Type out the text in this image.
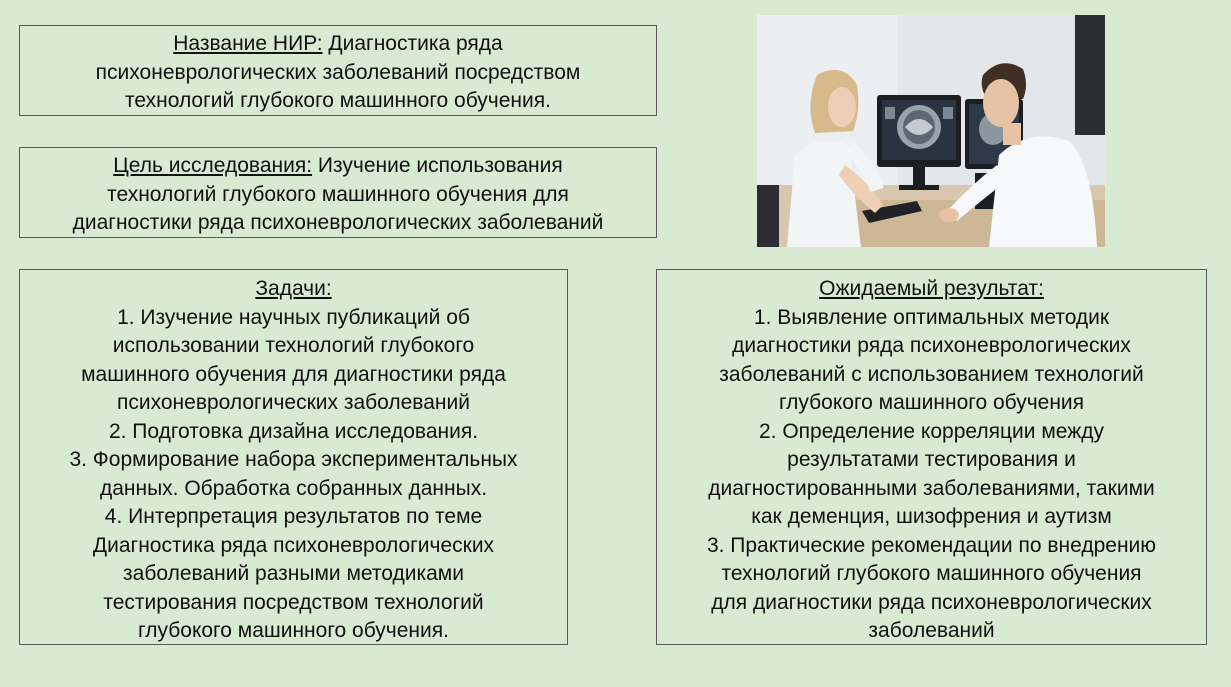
Название НИР: Диагностика ряда
психоневрологических заболеваний посредством
технологий глубокого машинного обучения.
Цель исследования: Изучение использования
технологий глубокого машинного обучения для
диагностики ряда психоневрологических заболеваний
Задачи:
1. Изучение научных публикаций об
использовании технологий глубокого
машинного обучения для диагностики ряда
психоневрологических заболеваний
2. Подготовка дизайна исследования.
3. Формирование набора экспериментальных
данных. Обработка собранных данных.
4. Интерпретация результатов по теме
Диагностика ряда психоневрологических
заболеваний разными методиками
тестирования посредством технологий
глубокого машинного обучения.
Ожидаемый результат:
1. Выявление оптимальных методик
диагностики ряда психоневрологических
заболеваний с использованием технологий
глубокого машинного обучения
2. Определение корреляции между
результатами тестирования и
диагностированными заболеваниями, такими
как деменция, шизофрения и аутизм
3. Практические рекомендации по внедрению
технологий глубокого машинного обучения
для диагностики ряда психоневрологических
заболеваний
